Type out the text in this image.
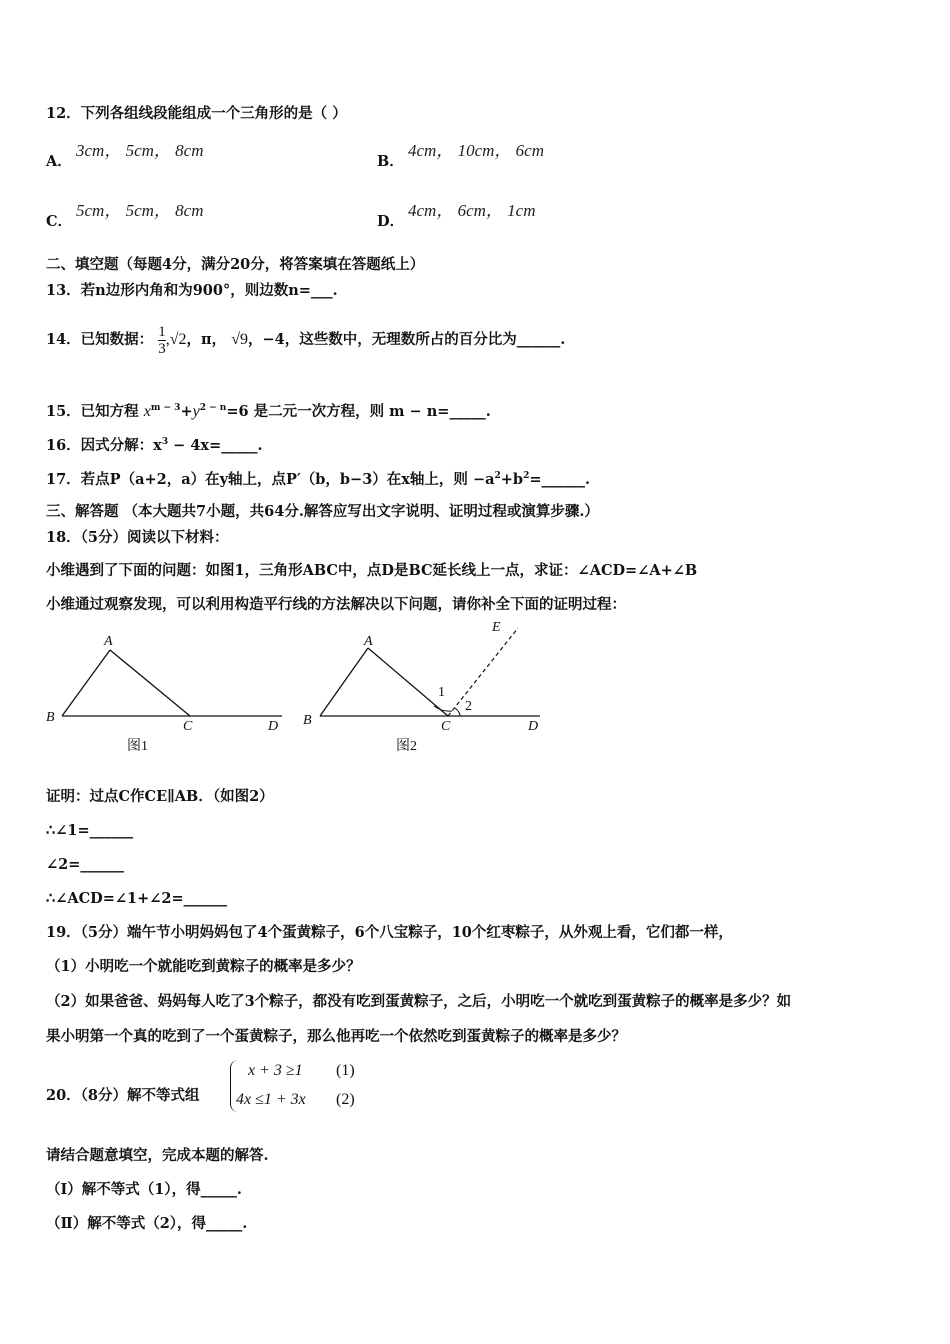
12．下列各组线段能组成一个三角形的是（ ）
A．
3cm， 5cm， 8cm
B．
4cm， 10cm， 6cm
C．
5cm， 5cm， 8cm
D．
4cm， 6cm， 1cm
二、填空题（每题4分，满分20分，将答案填在答题纸上）
13．若n边形内角和为900°，则边数n=___.
14．已知数据： $\frac{1}{3} ,√2$，π， √9，−4，这些数中，无理数所占的百分比为______.
15．已知方程 $x^{m - 3}+y^{2 - n}=6$ 是二元一次方程，则 m − n=_____.
16．因式分解：$x^3$ − 4x=_____.
17．若点P（a+2，a）在y轴上，点P′（b，b−3）在x轴上，则 $-a^2+b^2=\_\_\_\_\_\_$.
三、解答题 （本大题共7小题，共64分.解答应写出文字说明、证明过程或演算步骤.）
18．（5分）阅读以下材料：
小维遇到了下面的问题：如图1，三角形ABC中，点D是BC延长线上一点，求证：∠ACD=∠A+∠B
小维通过观察发现，可以利用构造平行线的方法解决以下问题，请你补全下面的证明过程：
A
B
C	D
图1
A
B	C	D
E
1
2
图2
证明：过点C作CE∥AB．（如图2）
∴∠1=______
∠2=______
∴∠ACD=∠1+∠2=______
19．（5分）端午节小明妈妈包了4个蛋黄粽子，6个八宝粽子，10个红枣粽子，从外观上看，它们都一样，
（1）小明吃一个就能吃到黄粽子的概率是多少？
（2）如果爸爸、妈妈每人吃了3个粽子，都没有吃到蛋黄粽子，之后，小明吃一个就吃到蛋黄粽子的概率是多少？如
果小明第一个真的吃到了一个蛋黄粽子，那么他再吃一个依然吃到蛋黄粽子的概率是多少？
20．（8分）解不等式组
x + 3 ≥1 (1)
4x ≤1 + 3x (2)
请结合题意填空，完成本题的解答.
（Ⅰ）解不等式（1），得_____.
（Ⅱ）解不等式（2），得_____.
